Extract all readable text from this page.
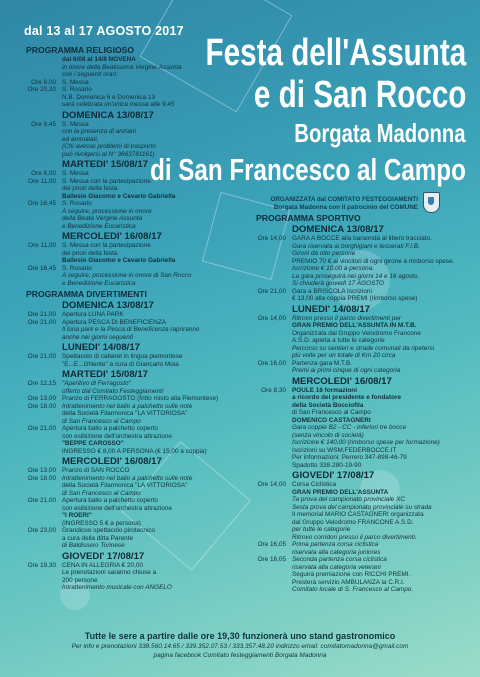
dal 13 al 17 AGOSTO 2017
Festa dell'Assunta
e di San Rocco
Borgata Madonna
di San Francesco al Campo
ORGANIZZATA dal COMITATO FESTEGGIAMENTI
Borgata Madonna con il patrocinio del COMUNE
PROGRAMMA RELIGIOSO
dal 6/08 al 14/8 NOVENA
in onore della Beatissima Vergine Assunta
con i seguenti orari:
Ore 8,00 S. Messa
Ore 20,30 S. Rosario
N.B. Domenica 6 e Domenica 13
sarà celebrata un'unica messa alle 9,45
DOMENICA 13/08/17
Ore 9,45 S. Messa
con la presenza di anziani
ed ammalati.
(Chi avesse problemi di trasporto
può rivolgersi al N° 3663781161)
MARTEDI' 15/08/17
Ore 8,00 S. Messa
Ore 11,00 S. Messa con la partecipazione
dei priori della festa
Ballesio Giacomo e Cevario Gabriella
Ore 16,45 S. Rosario
A seguire, processione in onore
della Beata Vergine Assunta
e Benedizione Eucaristica
MERCOLEDI' 16/08/17
Ore 11,00 S. Messa con la partecipazione
dei priori della festa
Ballesio Giacomo e Cevario Gabriella
Ore 16,45 S. Rosario
A seguire, processione in onore di San Rocco
e Benedizione Eucaristica
PROGRAMMA DIVERTIMENTI
DOMENICA 13/08/17
Ore 21,00 Apertura LUNA PARK
Ore 21,00 Apertura PESCA DI BENEFICIENZA
Il luna park e la Pesca di Beneficenza rapriranno
anche nei giorni seguenti
LUNEDI' 14/08/17
Ore 21,00 Spettacolo di cabaret in lingua piemontese
"E...E...GNente" a cura di Giancarlo Moia
MARTEDI' 15/08/17
Ore 12,15 "Aperitivo di Ferragosto"
offerto dal Comitato Festeggiamenti
Ore 13,00 Pranzo di FERRAGOSTO (fritto misto alla Piemontese)
Ore 18,00 Intrattenimento nel ballo a palchetto sulle note
della Società Filarmonica "LA VITTORIOSA"
di San Francesco al Campo
Ore 21,00 Apertura ballo a palchetto coperto
con esibizione dell'orchestra attrazione
"BEPPE CAROSSO"
INGRESSO € 8,00 A PERSONA (€ 15,00 a coppia)
MERCOLEDI' 16/08/17
Ore 13,00 Pranzo di SAN ROCCO
Ore 18,00 Intrattenimento nel ballo a palchetto sulle note
della Società Filarmonica "LA VITTORIOSA"
di San Francesco al Campo
Ore 21,00 Apertura ballo a palchetto coperto
con esibizione dell'orchestra attrazione
"I ROERI"
(INGRESSO 5 € a persona)
Ore 23,00 Grandioso spettacolo pirotecnico
a cura della ditta Parente
di Baldissero Torinese
GIOVEDI' 17/08/17
Ore 19,30 CENA IN ALLEGRIA € 20,00
Le prenotazioni saranno chiuse a
200 persone
Intrattenimento musicale con ANGELO
PROGRAMMA SPORTIVO
DOMENICA 13/08/17
Ore 14,00 GARA A BOCCE alla baraonda al libero tracciato.
Gara riservata ai borghigiani e tesserati F.I.B.
Gironi da otto persone
PREMIO 70 € ai vincitori di ogni girone a rimborso spese.
Iscrizione € 10,00 a persona.
La gara proseguirà nei giorni 14 e 16 agosto.
Si chiuderà giovedì 17 AGOSTO
Ore 21,00 Gara a BRISCOLA Iscrizioni
€ 13,00 alla coppia PREMI (rimborso spese)
LUNEDI' 14/08/17
Ore 14,00 Ritrovo presso il parco divertimenti per
GRAN PREMIO DELL'ASSUNTA IN M.T.B.
Organizzata dal Gruppo Velodromo Francone
A.S.D. aperta a tutte le categorie
Percorso su sentieri e strade comunali da ripetersi
più volte per un totale di Km 20 circa
Ore 16,00 Partenza gara M.T.B.
Premi ai primi cinque di ogni categoria
MERCOLEDI' 16/08/17
Ore 8,30 POULE 16 formazioni
a ricordo del presidente e fondatore
della Società Bocciofila
di San Francesco al Campo
DOMENICO CASTAGNERI
Gara coppie B2 - CC - inferiori tre bocce
(senza vincolo di società)
Iscrizione € 140,00 (rimborso spese per formazione)
Iscrizioni su WSM.FEDERBOCCE.IT
Per informazioni: Perrero 347-898-46-79
Spadotto 338-280-19-90
GIOVEDI' 17/08/17
Ore 14,00 Corsa Ciclistica
GRAN PREMIO DELL'ASSUNTA
7a prova del campionato provinciale XC
Sesta prova del campionato provinciale su strada
Il memorial MARIO CASTAGNERI organizzata
dal Gruppo Velodromo FRANCONE A.S.D.
per tutte le categorie
Ritrovo corridori presso il parco divertimenti.
Ore 16,05 Prima partenza corsa ciclistica
riservata alla categoria juniores
Ore 16,05 Seconda partenza corsa ciclistica
riservata alla categoria veterani
Seguirà premiazione con RICCHI PREMI.
Presterà servizio AMBULANZA la C.R.I.
Comitato locale di S. Francesco al Campo.
Tutte le sere a partire dalle ore 19,30 funzionerà uno stand gastronomico
Per info e prenotazioni 338.560.14.65 / 339.352.07.53 / 333.357.48.20 indirizzo email: comitatomadonna@gmail.com
pagina facebook Comitato festeggiamenti Borgata Madonna
